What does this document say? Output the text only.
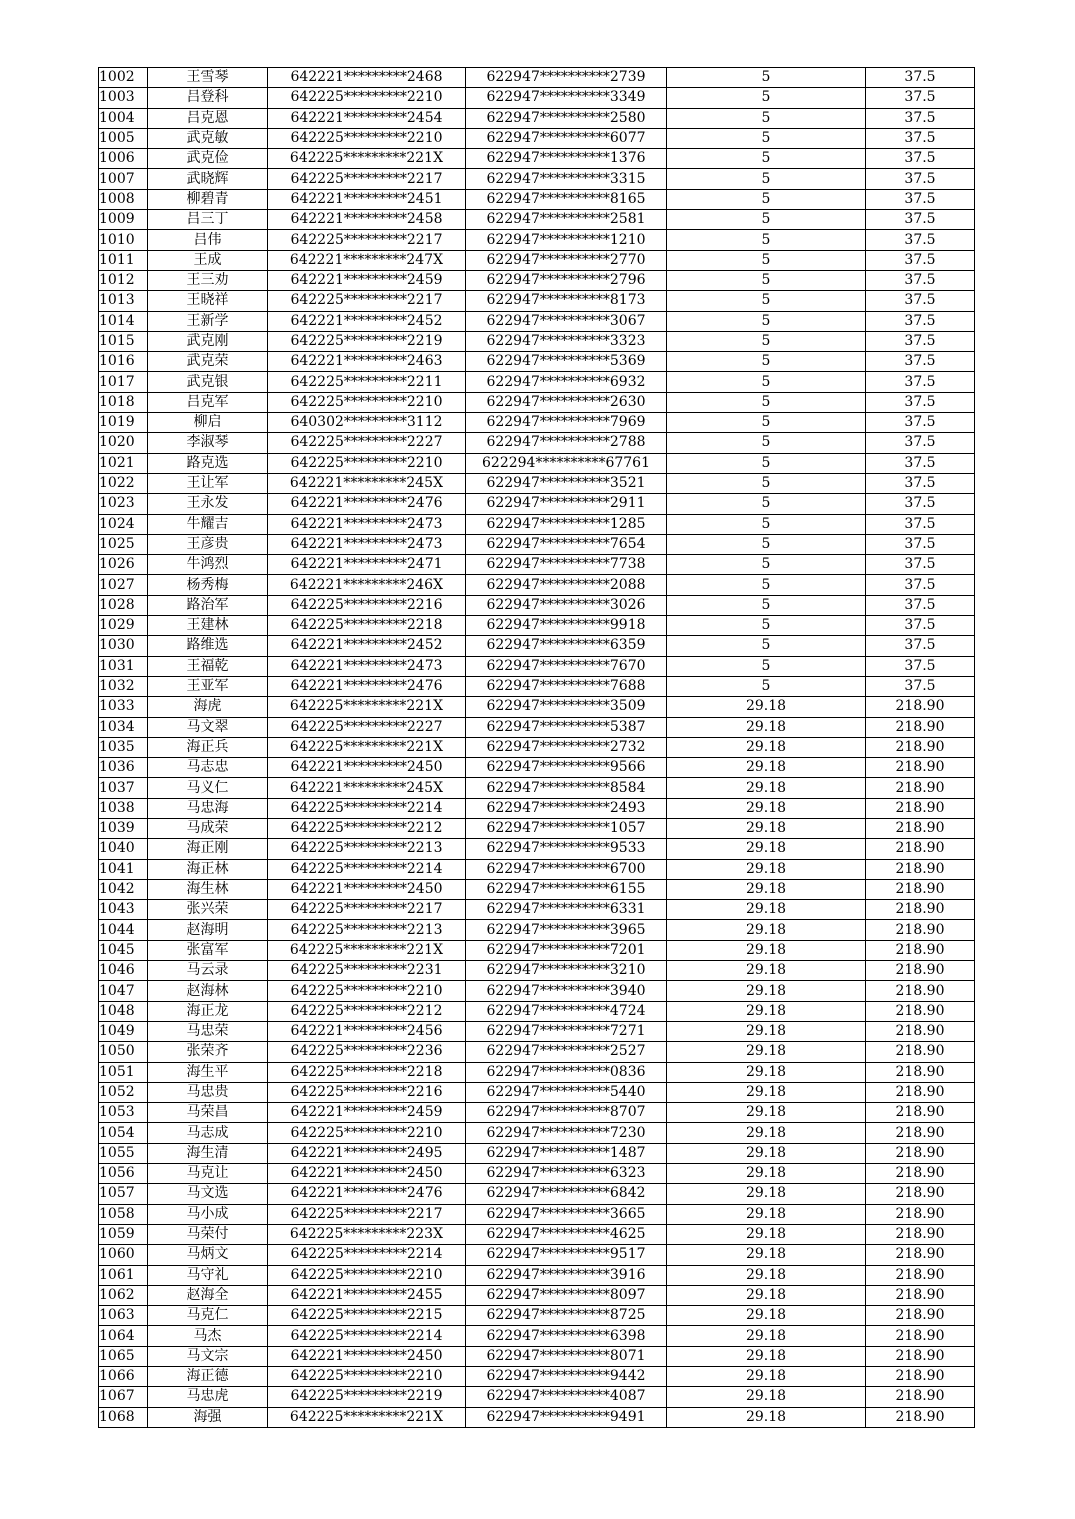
1002	王雪琴	642221*********2468	622947**********2739	5	37.5
1003	吕登科	642225*********2210	622947**********3349	5	37.5
1004	吕克恩	642221*********2454	622947**********2580	5	37.5
1005	武克敏	642225*********2210	622947**********6077	5	37.5
1006	武克俭	642225*********221X	622947**********1376	5	37.5
1007	武晓辉	642225*********2217	622947**********3315	5	37.5
1008	柳碧青	642221*********2451	622947**********8165	5	37.5
1009	吕三丁	642221*********2458	622947**********2581	5	37.5
1010	吕伟	642225*********2217	622947**********1210	5	37.5
1011	王成	642221*********247X	622947**********2770	5	37.5
1012	王三劝	642221*********2459	622947**********2796	5	37.5
1013	王晓祥	642225*********2217	622947**********8173	5	37.5
1014	王新学	642221*********2452	622947**********3067	5	37.5
1015	武克刚	642225*********2219	622947**********3323	5	37.5
1016	武克荣	642221*********2463	622947**********5369	5	37.5
1017	武克银	642225*********2211	622947**********6932	5	37.5
1018	吕克军	642225*********2210	622947**********2630	5	37.5
1019	柳启	640302*********3112	622947**********7969	5	37.5
1020	李淑琴	642225*********2227	622947**********2788	5	37.5
1021	路克选	642225*********2210	622294**********67761	5	37.5
1022	王让军	642221*********245X	622947**********3521	5	37.5
1023	王永发	642221*********2476	622947**********2911	5	37.5
1024	牛耀吉	642221*********2473	622947**********1285	5	37.5
1025	王彦贵	642221*********2473	622947**********7654	5	37.5
1026	牛鸿烈	642221*********2471	622947**********7738	5	37.5
1027	杨秀梅	642221*********246X	622947**********2088	5	37.5
1028	路治军	642225*********2216	622947**********3026	5	37.5
1029	王建林	642225*********2218	622947**********9918	5	37.5
1030	路维选	642221*********2452	622947**********6359	5	37.5
1031	王福乾	642221*********2473	622947**********7670	5	37.5
1032	王亚军	642221*********2476	622947**********7688	5	37.5
1033	海虎	642225*********221X	622947**********3509	29.18	218.90
1034	马文翠	642225*********2227	622947**********5387	29.18	218.90
1035	海正兵	642225*********221X	622947**********2732	29.18	218.90
1036	马志忠	642221*********2450	622947**********9566	29.18	218.90
1037	马义仁	642221*********245X	622947**********8584	29.18	218.90
1038	马忠海	642225*********2214	622947**********2493	29.18	218.90
1039	马成荣	642225*********2212	622947**********1057	29.18	218.90
1040	海正刚	642225*********2213	622947**********9533	29.18	218.90
1041	海正林	642225*********2214	622947**********6700	29.18	218.90
1042	海生林	642221*********2450	622947**********6155	29.18	218.90
1043	张兴荣	642225*********2217	622947**********6331	29.18	218.90
1044	赵海明	642225*********2213	622947**********3965	29.18	218.90
1045	张富军	642225*********221X	622947**********7201	29.18	218.90
1046	马云录	642225*********2231	622947**********3210	29.18	218.90
1047	赵海林	642225*********2210	622947**********3940	29.18	218.90
1048	海正龙	642225*********2212	622947**********4724	29.18	218.90
1049	马忠荣	642221*********2456	622947**********7271	29.18	218.90
1050	张荣齐	642225*********2236	622947**********2527	29.18	218.90
1051	海生平	642225*********2218	622947**********0836	29.18	218.90
1052	马忠贵	642225*********2216	622947**********5440	29.18	218.90
1053	马荣昌	642221*********2459	622947**********8707	29.18	218.90
1054	马志成	642225*********2210	622947**********7230	29.18	218.90
1055	海生清	642221*********2495	622947**********1487	29.18	218.90
1056	马克让	642221*********2450	622947**********6323	29.18	218.90
1057	马文选	642221*********2476	622947**********6842	29.18	218.90
1058	马小成	642225*********2217	622947**********3665	29.18	218.90
1059	马荣付	642225*********223X	622947**********4625	29.18	218.90
1060	马炳文	642225*********2214	622947**********9517	29.18	218.90
1061	马守礼	642225*********2210	622947**********3916	29.18	218.90
1062	赵海全	642221*********2455	622947**********8097	29.18	218.90
1063	马克仁	642225*********2215	622947**********8725	29.18	218.90
1064	马杰	642225*********2214	622947**********6398	29.18	218.90
1065	马文宗	642221*********2450	622947**********8071	29.18	218.90
1066	海正德	642225*********2210	622947**********9442	29.18	218.90
1067	马忠虎	642225*********2219	622947**********4087	29.18	218.90
1068	海强	642225*********221X	622947**********9491	29.18	218.90
